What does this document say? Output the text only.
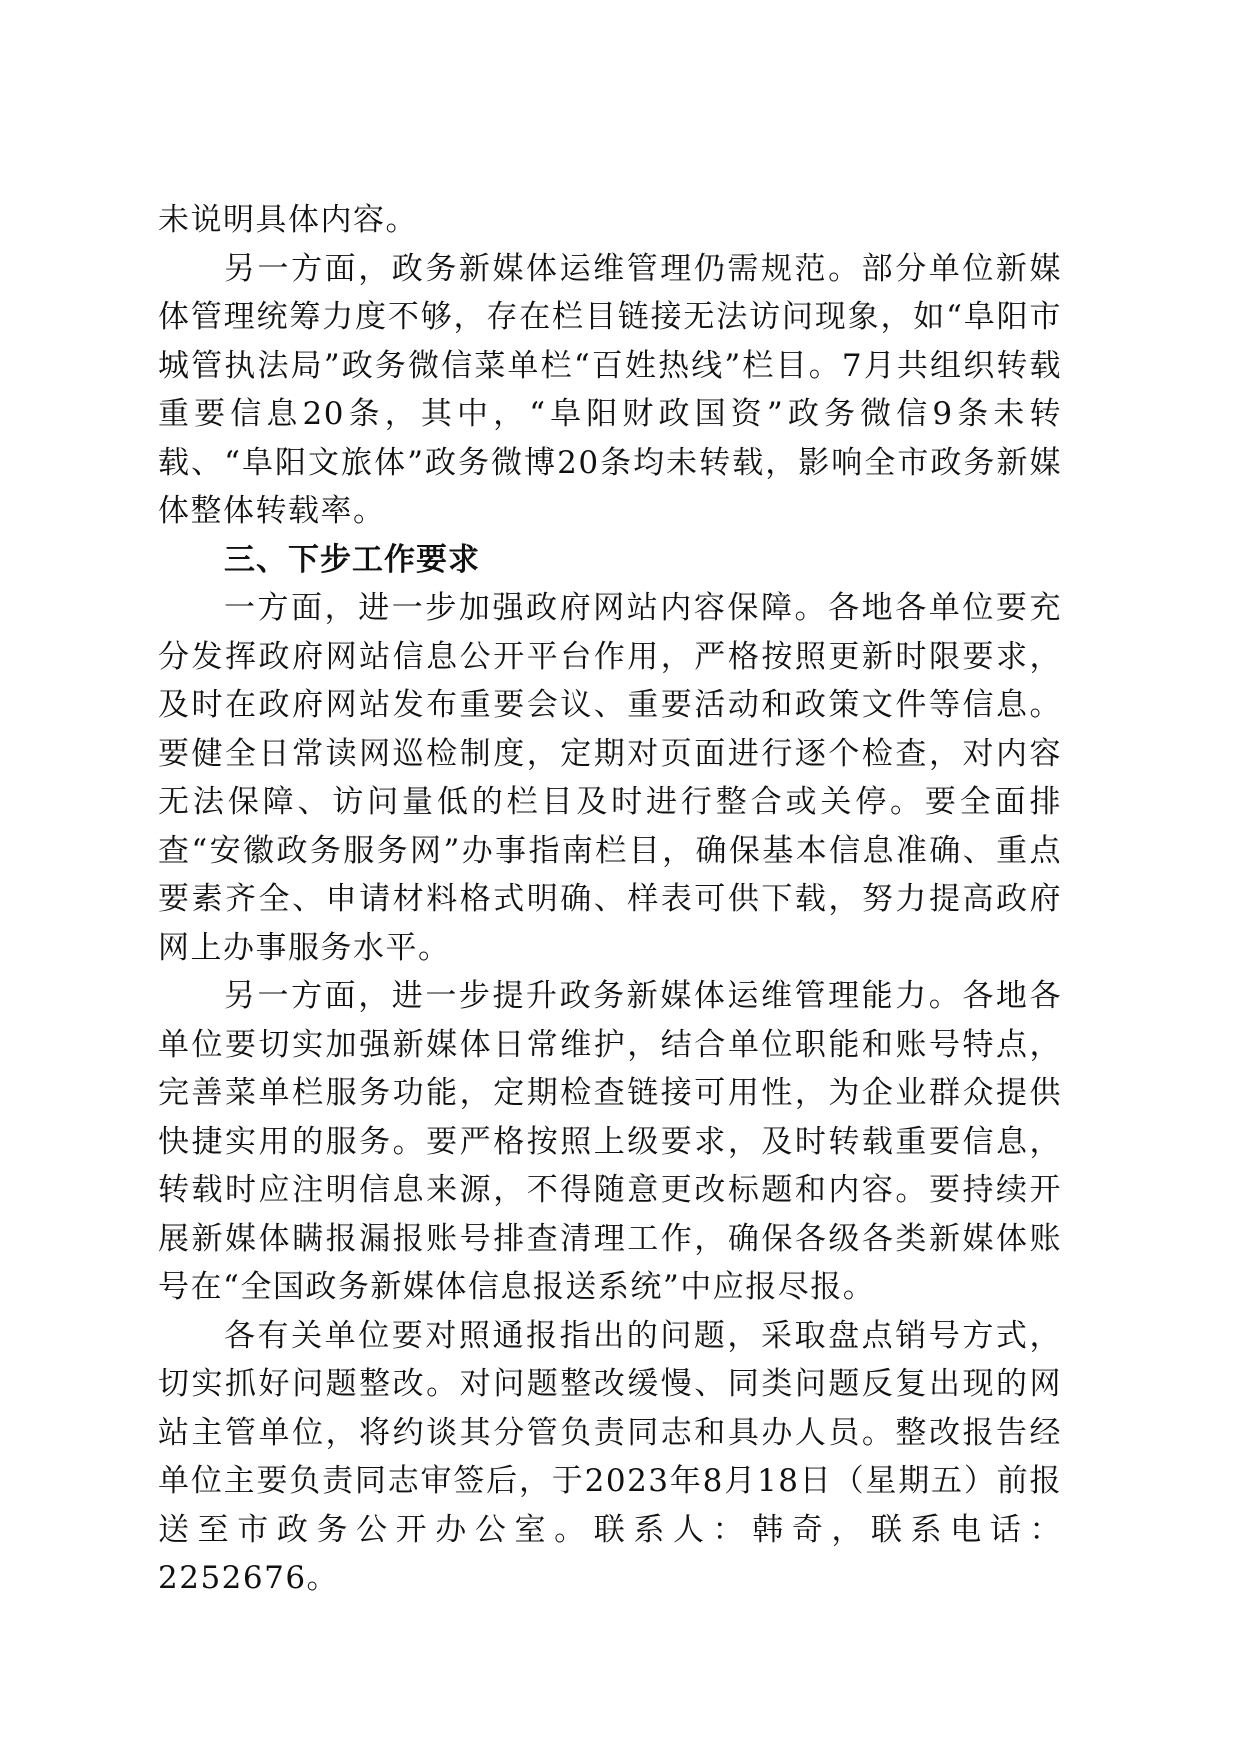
未说明具体内容。

另一方面，政务新媒体运维管理仍需规范。部分单位新媒体管理统筹力度不够，存在栏目链接无法访问现象，如“阜阳市城管执法局”政务微信菜单栏“百姓热线”栏目。7月共组织转载重要信息20条，其中，“阜阳财政国资”政务微信9条未转载、“阜阳文旅体”政务微博20条均未转载，影响全市政务新媒体整体转载率。

三、下步工作要求

一方面，进一步加强政府网站内容保障。各地各单位要充分发挥政府网站信息公开平台作用，严格按照更新时限要求，及时在政府网站发布重要会议、重要活动和政策文件等信息。要健全日常读网巡检制度，定期对页面进行逐个检查，对内容无法保障、访问量低的栏目及时进行整合或关停。要全面排查“安徽政务服务网”办事指南栏目，确保基本信息准确、重点要素齐全、申请材料格式明确、样表可供下载，努力提高政府网上办事服务水平。

另一方面，进一步提升政务新媒体运维管理能力。各地各单位要切实加强新媒体日常维护，结合单位职能和账号特点，完善菜单栏服务功能，定期检查链接可用性，为企业群众提供快捷实用的服务。要严格按照上级要求，及时转载重要信息，转载时应注明信息来源，不得随意更改标题和内容。要持续开展新媒体瞒报漏报账号排查清理工作，确保各级各类新媒体账号在“全国政务新媒体信息报送系统”中应报尽报。

各有关单位要对照通报指出的问题，采取盘点销号方式，切实抓好问题整改。对问题整改缓慢、同类问题反复出现的网站主管单位，将约谈其分管负责同志和具办人员。整改报告经单位主要负责同志审签后，于2023年8月18日（星期五）前报送至市政务公开办公室。联系人：韩奇，联系电话：2252676。
